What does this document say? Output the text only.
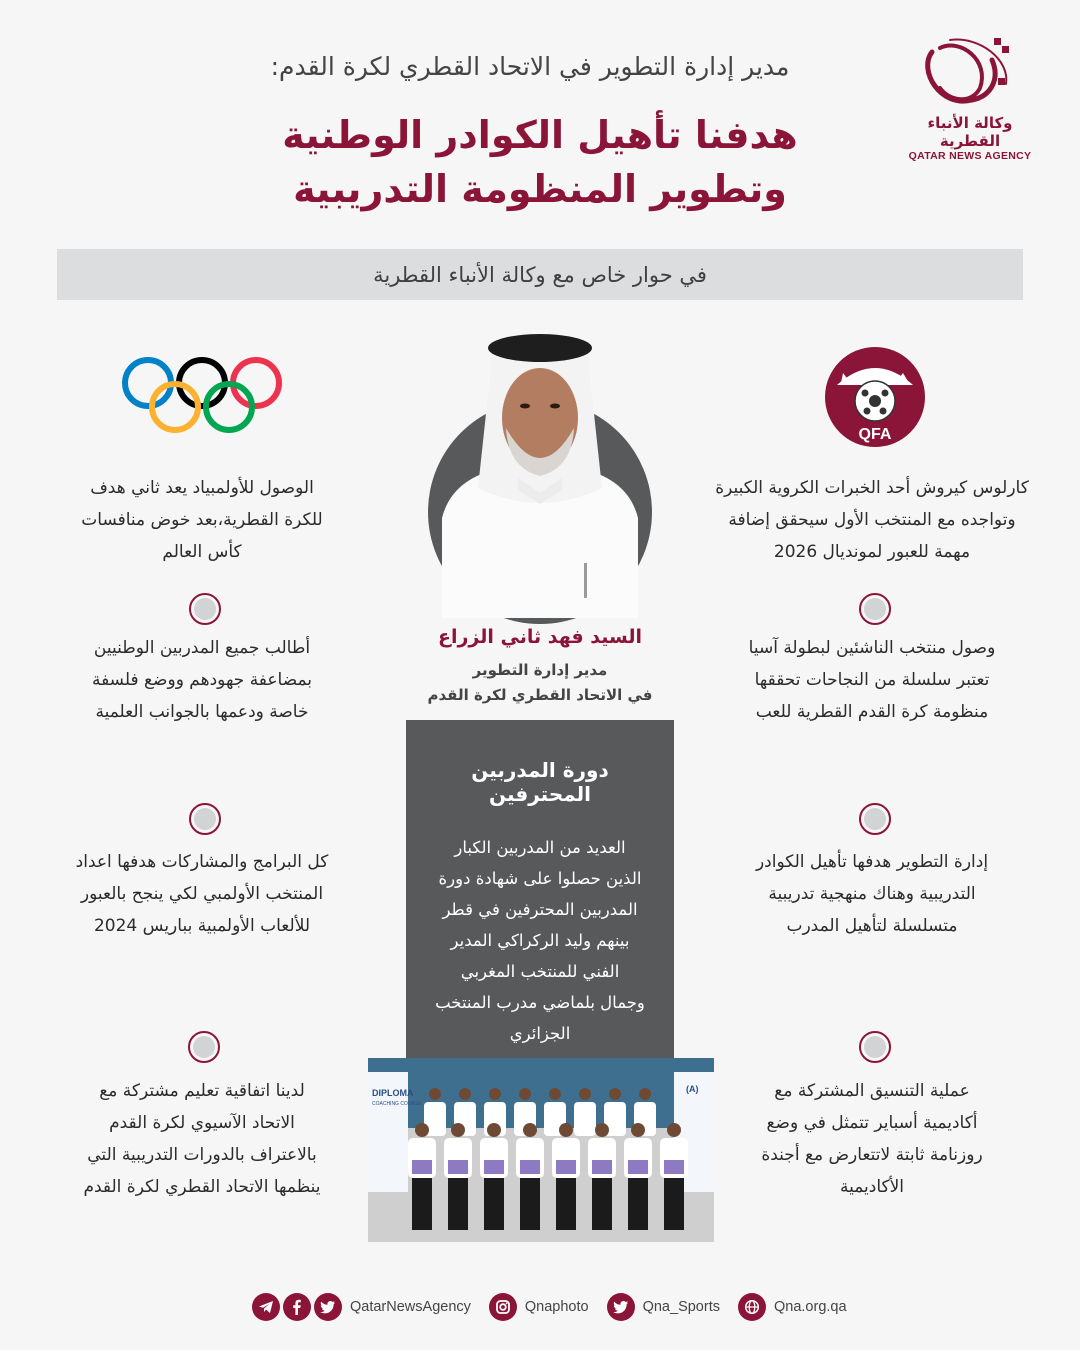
وكالة الأنباء القطرية
QATAR NEWS AGENCY
مدير إدارة التطوير في الاتحاد القطري لكرة القدم:
هدفنا تأهيل الكوادر الوطنية
وتطوير المنظومة التدريبية
في حوار خاص مع وكالة الأنباء القطرية
QFA
السيد فهد ثاني الزراع
مدير إدارة التطوير
في الاتحاد القطري لكرة القدم
دورة المدربين المحترفين
العديد من المدربين الكبار
الذين حصلوا على شهادة دورة
المدربين المحترفين في قطر
بينهم وليد الركراكي المدير
الفني للمنتخب المغربي
وجمال بلماضي مدرب المنتخب
الجزائري
DIPLOMA
COACHING COURSE
(A)
كارلوس كيروش أحد الخبرات الكروية الكبيرة
وتواجده مع المنتخب الأول سيحقق إضافة
مهمة للعبور لمونديال 2026
وصول منتخب الناشئين لبطولة آسيا
تعتبر سلسلة من النجاحات تحققها
منظومة كرة القدم القطرية للعب
إدارة التطوير هدفها تأهيل الكوادر
التدريبية وهناك منهجية تدريبية
متسلسلة لتأهيل المدرب
عملية التنسيق المشتركة مع
أكاديمية أسباير تتمثل في وضع
روزنامة ثابتة لاتتعارض مع أجندة
الأكاديمية
الوصول للأولمبياد يعد ثاني هدف
للكرة القطرية،بعد خوض منافسات
كأس العالم
أطالب جميع المدربين الوطنيين
بمضاعفة جهودهم ووضع فلسفة
خاصة ودعمها بالجوانب العلمية
كل البرامج والمشاركات هدفها اعداد
المنتخب الأولمبي لكي ينجح بالعبور
للألعاب الأولمبية بباريس 2024
لدينا اتفاقية تعليم مشتركة مع
الاتحاد الآسيوي لكرة القدم
بالاعتراف بالدورات التدريبية التي
ينظمها الاتحاد القطري لكرة القدم
QatarNewsAgency	Qnaphoto	Qna_Sports	Qna.org.qa
